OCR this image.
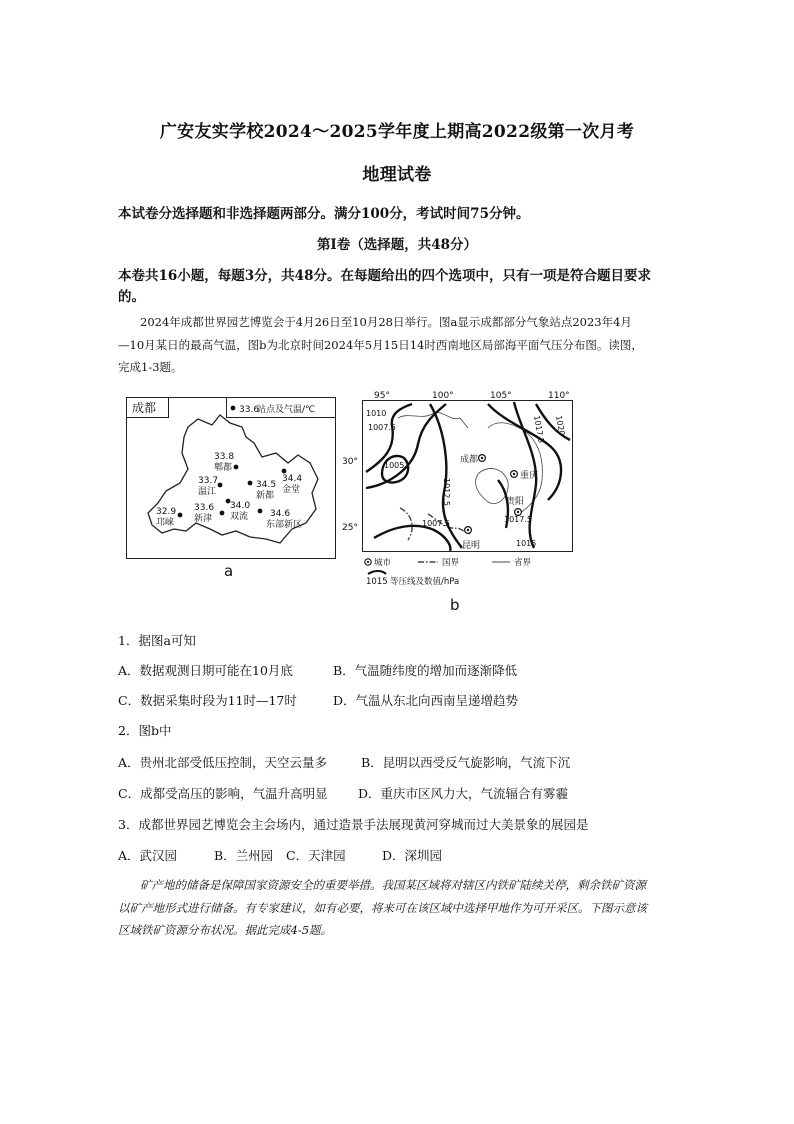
广安友实学校2024～2025学年度上期高2022级第一次月考
地理试卷
本试卷分选择题和非选择题两部分。满分100分，考试时间75分钟。
第Ⅰ卷（选择题，共48分）
本卷共16小题，每题3分，共48分。在每题给出的四个选项中，只有一项是符合题目要求
的。
2024年成都世界园艺博览会于4月26日至10月28日举行。图a显示成都部分气象站点2023年4月
—10月某日的最高气温，图b为北京时间2024年5月15日14时西南地区局部海平面气压分布图。读图，
完成1-3题。
成都	33.6
站点及气温/℃
33.8
郫都
33.7
温江
34.5
新都
34.4
金堂
34.0
双流
33.6
新津
32.9
邛崃
34.6
东部新区
a
95°	100°	105°	110°
30°
25°
1010
1007.5
1005
1012.5
1007.5	1017.5
1015
1017.5 1020
成都
重庆
贵阳
昆明
城市	国界	省界
1015 等压线及数值/hPa
b
1．据图a可知
A．数据观测日期可能在10月底	B．气温随纬度的增加而逐渐降低
C．数据采集时段为11时—17时	D．气温从东北向西南呈递增趋势
2．图b中
A．贵州北部受低压控制，天空云量多	B．昆明以西受反气旋影响，气流下沉
C．成都受高压的影响，气温升高明显 D．重庆市区风力大，气流辐合有雾霾
3．成都世界园艺博览会主会场内，通过造景手法展现黄河穿城而过大美景象的展园是
A．武汉园	B．兰州园 C．天津园	D．深圳园
矿产地的储备是保障国家资源安全的重要举措。我国某区域将对辖区内铁矿陆续关停，剩余铁矿资源
以矿产地形式进行储备。有专家建议，如有必要，将来可在该区域中选择甲地作为可开采区。下图示意该
区域铁矿资源分布状况。据此完成4-5题。
